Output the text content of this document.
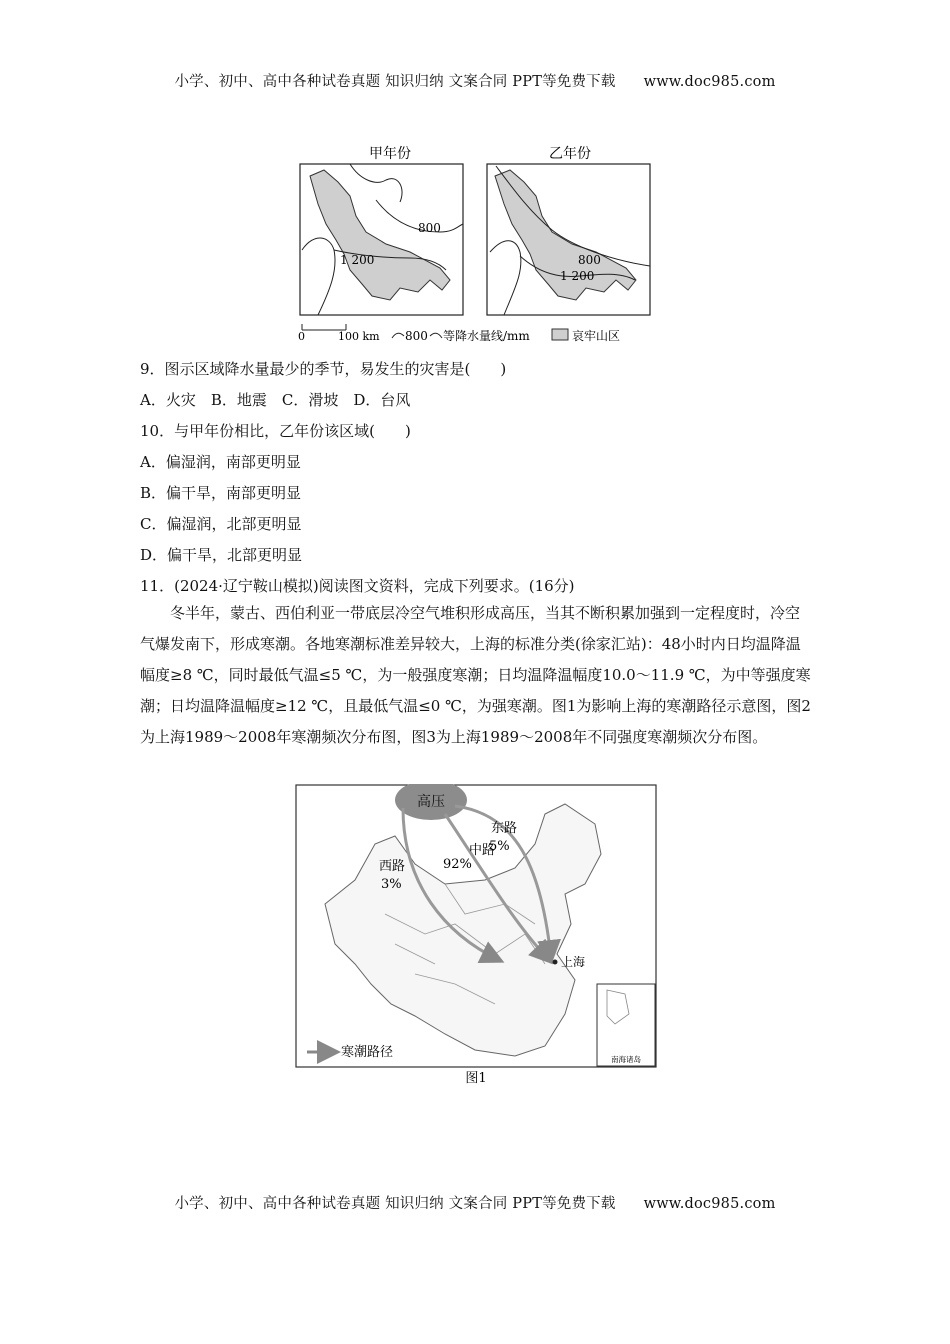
小学、初中、高中各种试卷真题 知识归纳 文案合同 PPT等免费下载 www.doc985.com
甲年份	乙年份
800
1 200	800
1 200
0	100 km 800 等降水量线/mm	哀牢山区
9．图示区域降水量最少的季节，易发生的灾害是(　　)
A．火灾　B．地震　C．滑坡　D．台风
10．与甲年份相比，乙年份该区域(　　)
A．偏湿润，南部更明显
B．偏干旱，南部更明显
C．偏湿润，北部更明显
D．偏干旱，北部更明显
11．(2024·辽宁鞍山模拟)阅读图文资料，完成下列要求。(16分)

冬半年，蒙古、西伯利亚一带底层冷空气堆积形成高压，当其不断积累加强到一定程度时，冷空气爆发南下，形成寒潮。各地寒潮标准差异较大，上海的标准分类(徐家汇站)：48小时内日均温降温幅度≥8 ℃，同时最低气温≤5 ℃，为一般强度寒潮；日均温降温幅度10.0～11.9 ℃，为中等强度寒潮；日均温降温幅度≥12 ℃，且最低气温≤0 ℃，为强寒潮。图1为影响上海的寒潮路径示意图，图2为上海1989～2008年寒潮频次分布图，图3为上海1989～2008年不同强度寒潮频次分布图。

高压
东路
5%
中路
92%
西路
3%
上海
南海诸岛
寒潮路径
图1
小学、初中、高中各种试卷真题 知识归纳 文案合同 PPT等免费下载 www.doc985.com
